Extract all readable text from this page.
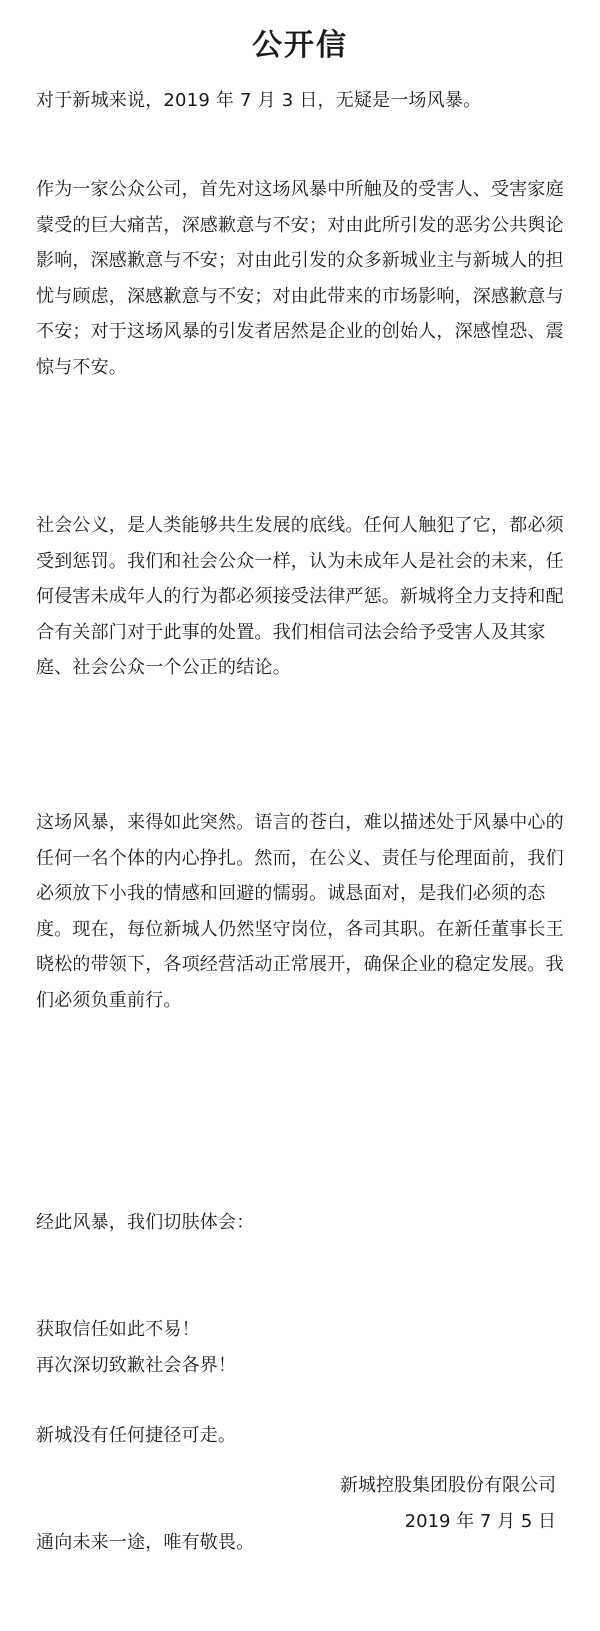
公开信

对于新城来说，2019 年 7 月 3 日，无疑是一场风暴。

作为一家公众公司，首先对这场风暴中所触及的受害人、受害家庭蒙受的巨大痛苦，深感歉意与不安；对由此所引发的恶劣公共舆论影响，深感歉意与不安；对由此引发的众多新城业主与新城人的担忧与顾虑，深感歉意与不安；对由此带来的市场影响，深感歉意与不安；对于这场风暴的引发者居然是企业的创始人，深感惶恐、震惊与不安。

社会公义，是人类能够共生发展的底线。任何人触犯了它，都必须受到惩罚。我们和社会公众一样，认为未成年人是社会的未来，任何侵害未成年人的行为都必须接受法律严惩。新城将全力支持和配合有关部门对于此事的处置。我们相信司法会给予受害人及其家庭、社会公众一个公正的结论。

这场风暴，来得如此突然。语言的苍白，难以描述处于风暴中心的任何一名个体的内心挣扎。然而，在公义、责任与伦理面前，我们必须放下小我的情感和回避的懦弱。诚恳面对，是我们必须的态度。现在，每位新城人仍然坚守岗位，各司其职。在新任董事长王晓松的带领下，各项经营活动正常展开，确保企业的稳定发展。我们必须负重前行。

经此风暴，我们切肤体会：

获取信任如此不易！

新城没有任何捷径可走。

通向未来一途，唯有敬畏。

再次深切致歉社会各界！

新城控股集团股份有限公司
2019 年 7 月 5 日
